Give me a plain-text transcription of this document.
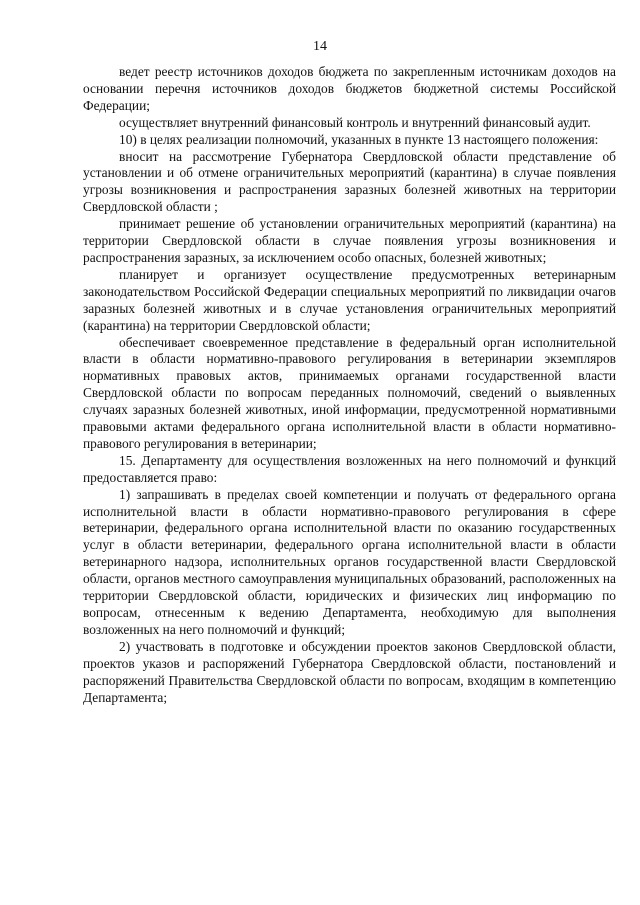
14

ведет реестр источников доходов бюджета по закрепленным источникам доходов на основании перечня источников доходов бюджетов бюджетной системы Российской Федерации;

осуществляет внутренний финансовый контроль и внутренний финансовый аудит.

10) в целях реализации полномочий, указанных в пункте 13 настоящего положения:

вносит на рассмотрение Губернатора Свердловской области представление об установлении и об отмене ограничительных мероприятий (карантина) в случае появления угрозы возникновения и распространения заразных болезней животных на территории Свердловской области ;

принимает решение об установлении ограничительных мероприятий (карантина) на территории Свердловской области в случае появления угрозы возникновения и распространения заразных, за исключением особо опасных, болезней животных;

планирует и организует осуществление предусмотренных ветеринарным законодательством Российской Федерации специальных мероприятий по ликвидации очагов заразных болезней животных и в случае установления ограничительных мероприятий (карантина) на территории Свердловской области;

обеспечивает своевременное представление в федеральный орган исполнительной власти в области нормативно-правового регулирования в ветеринарии экземпляров нормативных правовых актов, принимаемых органами государственной власти Свердловской области по вопросам переданных полномочий, сведений о выявленных случаях заразных болезней животных, иной информации, предусмотренной нормативными правовыми актами федерального органа исполнительной власти в области нормативно-правового регулирования в ветеринарии;

15. Департаменту для осуществления возложенных на него полномочий и функций предоставляется право:

1) запрашивать в пределах своей компетенции и получать от федерального органа исполнительной власти в области нормативно-правового регулирования в сфере ветеринарии, федерального органа исполнительной власти по оказанию государственных услуг в области ветеринарии, федерального органа исполнительной власти в области ветеринарного надзора, исполнительных органов государственной власти Свердловской области, органов местного самоуправления муниципальных образований, расположенных на территории Свердловской области, юридических и физических лиц информацию по вопросам, отнесенным к ведению Департамента, необходимую для выполнения возложенных на него полномочий и функций;

2) участвовать в подготовке и обсуждении проектов законов Свердловской области, проектов указов и распоряжений Губернатора Свердловской области, постановлений и распоряжений Правительства Свердловской области по вопросам, входящим в компетенцию Департамента;
